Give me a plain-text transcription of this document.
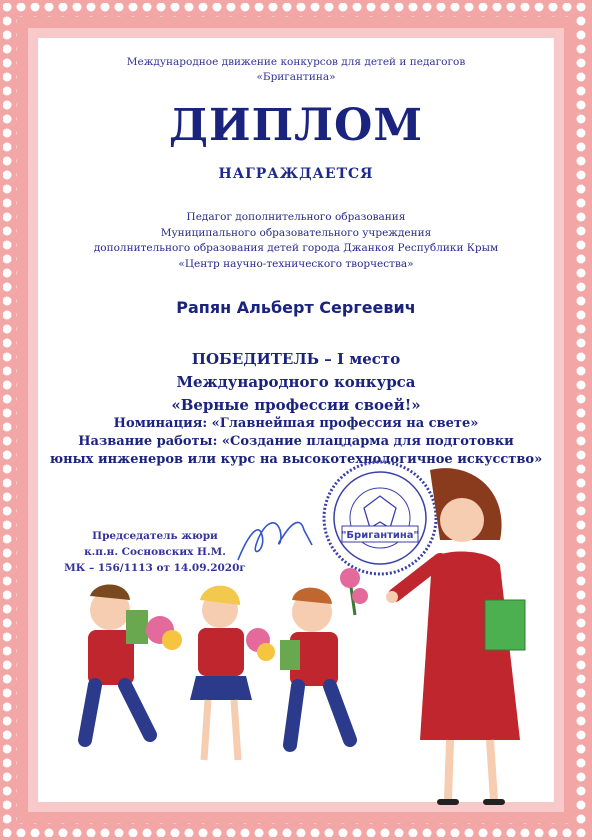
Международное движение конкурсов для детей и педагогов
«Бригантина»
ДИПЛОМ
НАГРАЖДАЕТСЯ
Педагог дополнительного образования
Муниципального образовательного учреждения
дополнительного образования детей города Джанкоя Республики Крым
«Центр научно-технического творчества»
Рапян Альберт Сергеевич
ПОБЕДИТЕЛЬ – I место
Международного конкурса
«Верные профессии своей!»
Номинация: «Главнейшая профессия на свете»
Название работы: «Создание плацдарма для подготовки
юных инженеров или курс на высокотехнологичное искусство»
Председатель жюри
к.п.н. Сосновских Н.М.
МК – 156/1113 от 14.09.2020г
"Бригантина"
